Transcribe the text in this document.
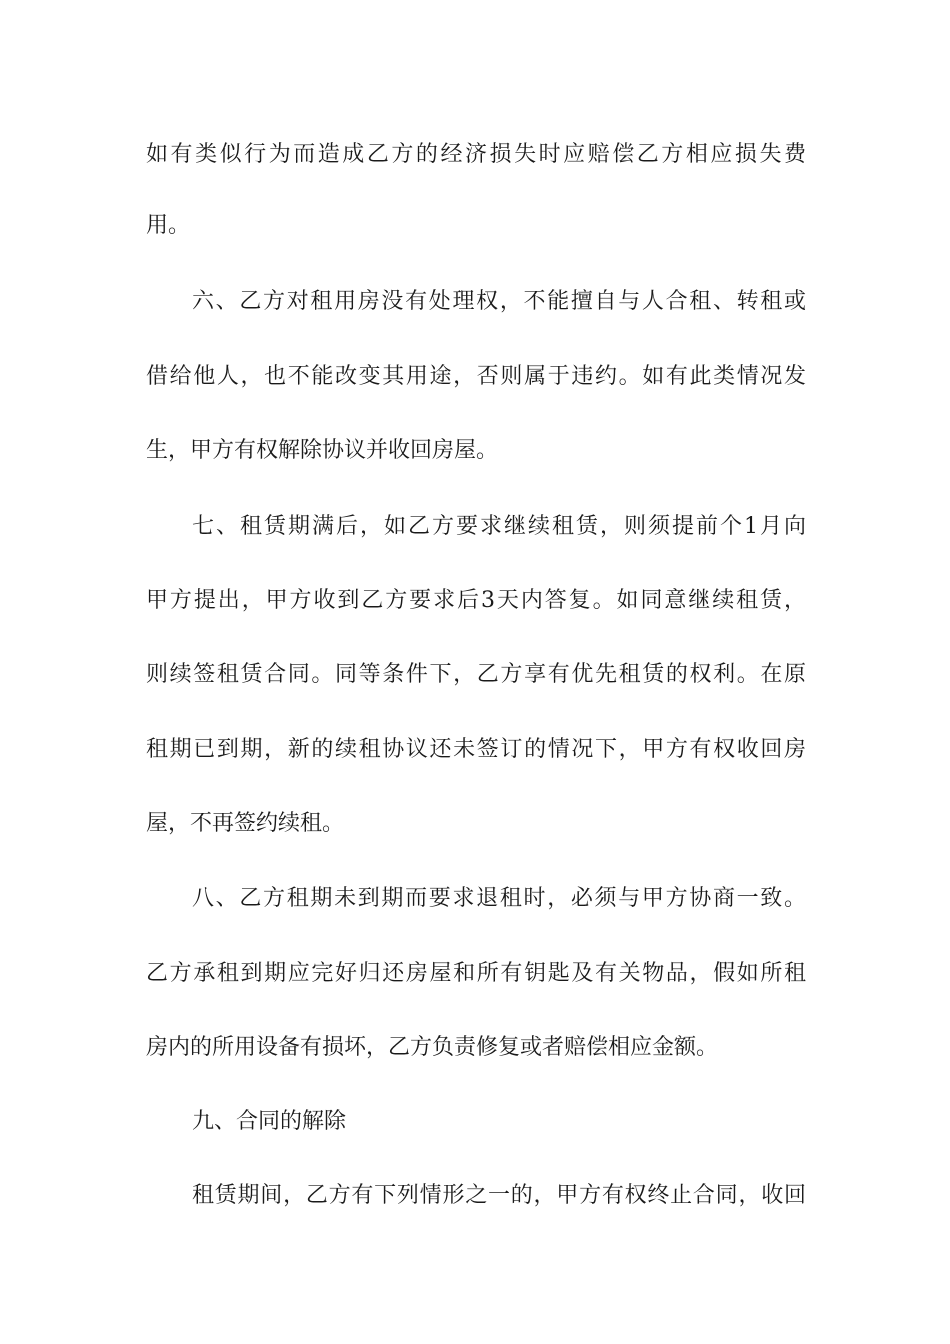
如有类似行为而造成乙方的经济损失时应赔偿乙方相应损失费
用。
六、乙方对租用房没有处理权，不能擅自与人合租、转租或
借给他人，也不能改变其用途，否则属于违约。如有此类情况发
生，甲方有权解除协议并收回房屋。
七、租赁期满后，如乙方要求继续租赁，则须提前个1月向
甲方提出，甲方收到乙方要求后3天内答复。如同意继续租赁，
则续签租赁合同。同等条件下，乙方享有优先租赁的权利。在原
租期已到期，新的续租协议还未签订的情况下，甲方有权收回房
屋，不再签约续租。
八、乙方租期未到期而要求退租时，必须与甲方协商一致。
乙方承租到期应完好归还房屋和所有钥匙及有关物品，假如所租
房内的所用设备有损坏，乙方负责修复或者赔偿相应金额。
九、合同的解除
租赁期间，乙方有下列情形之一的，甲方有权终止合同，收回
